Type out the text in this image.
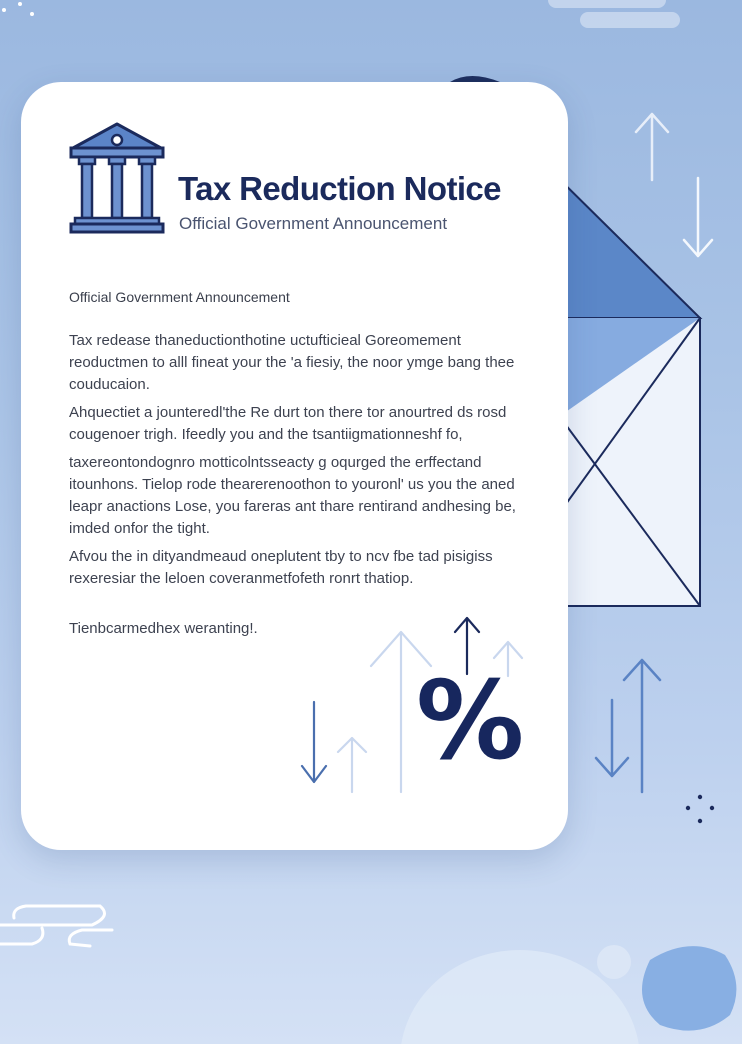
Tax Reduction Notice
Official Government Announcement
Official Government Announcement

Tax redease thaneductionthotine uctufticieal Goreomement reoductmen to alll fineat your the 'a fiesiy, the noor ymge bang thee couducaion.

Ahquectiet a jounteredl'the Re durt ton there tor anourtred ds rosd cougenoer trigh. Ifeedly you and the tsantiigmationneshf fo,

taxereontondognro motticolntsseacty g oqurged the erffectand itounhons. Tielop rode thearerenoothon to youronl' us you the aned leapr anactions Lose, you fareras ant thare rentirand andhesing be, imded onfor the tight.

Afvou the in dityandmeaud oneplutent tby to ncv fbe tad pisigiss rexeresiar the leloen coveranmetfofeth ronrt thatiop.

Tienbcarmedhex weranting!.
%
